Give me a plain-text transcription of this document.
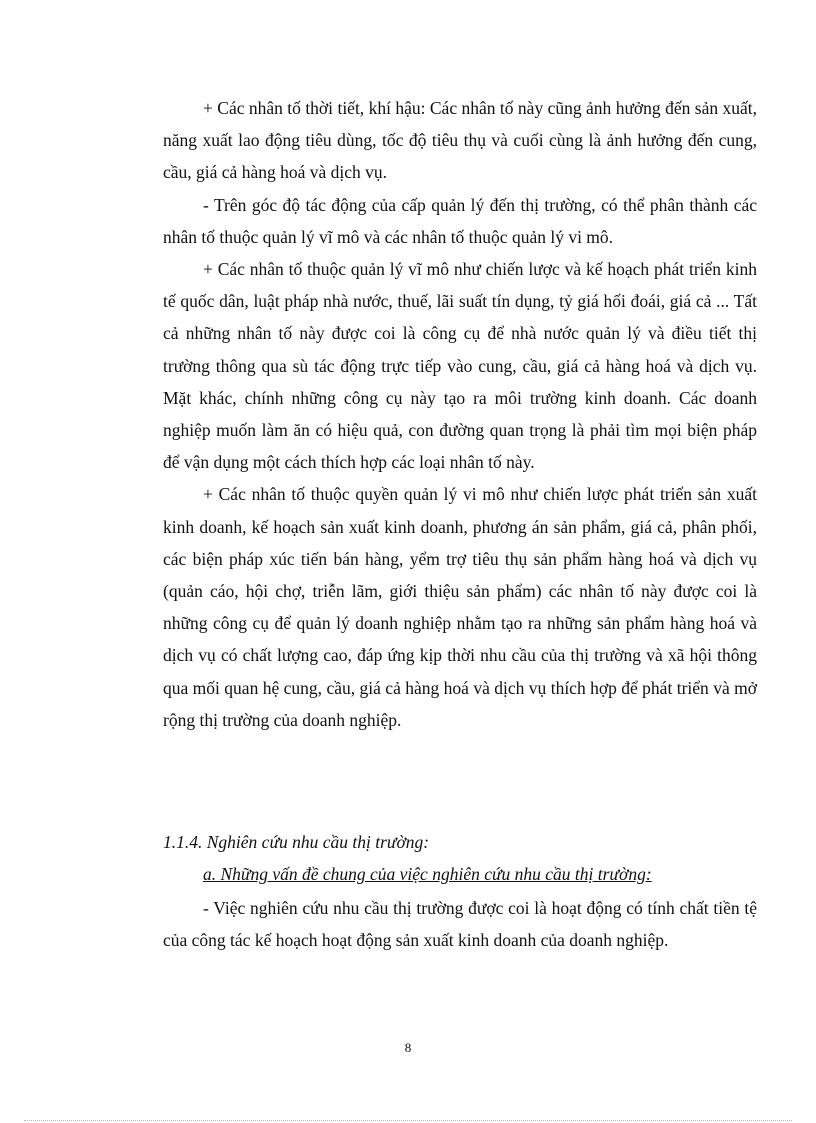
+ Các nhân tố thời tiết, khí hậu: Các nhân tố này cũng ảnh hưởng đến sản xuất, năng xuất lao động tiêu dùng, tốc độ tiêu thụ và cuối cùng là ảnh hưởng đến cung, cầu, giá cả hàng hoá và dịch vụ.

- Trên góc độ tác động của cấp quản lý đến thị trường, có thể phân thành các nhân tố thuộc quản lý vĩ mô và các nhân tố thuộc quản lý vi mô.

+ Các nhân tố thuộc quản lý vĩ mô như chiến lược và kế hoạch phát triển kinh tế quốc dân, luật pháp nhà nước, thuế, lãi suất tín dụng, tỷ giá hối đoái, giá cả ... Tất cả những nhân tố này được coi là công cụ để nhà nước quản lý và điều tiết thị trường thông qua sù tác động trực tiếp vào cung, cầu, giá cả hàng hoá và dịch vụ. Mặt khác, chính những công cụ này tạo ra môi trường kinh doanh. Các doanh nghiệp muốn làm ăn có hiệu quả, con đường quan trọng là phải tìm mọi biện pháp để vận dụng một cách thích hợp các loại nhân tố này.

+ Các nhân tố thuộc quyền quản lý vi mô như chiến lược phát triển sản xuất kinh doanh, kế hoạch sản xuất kinh doanh, phương án sản phẩm, giá cả, phân phối, các biện pháp xúc tiến bán hàng, yểm trợ tiêu thụ sản phẩm hàng hoá và dịch vụ (quản cáo, hội chợ, triễn lãm, giới thiệu sản phẩm) các nhân tố này được coi là những công cụ để quản lý doanh nghiệp nhằm tạo ra những sản phẩm hàng hoá và dịch vụ có chất lượng cao, đáp ứng kịp thời nhu cầu của thị trường và xã hội thông qua mối quan hệ cung, cầu, giá cả hàng hoá và dịch vụ thích hợp để phát triển và mở rộng thị trường của doanh nghiệp.

1.1.4. Nghiên cứu nhu cầu thị trường:

a. Những vấn đề chung của việc nghiên cứu nhu cầu thị trường:

- Việc nghiên cứu nhu cầu thị trường được coi là hoạt động có tính chất tiền tệ của công tác kế hoạch hoạt động sản xuất kinh doanh của doanh nghiệp.

8
